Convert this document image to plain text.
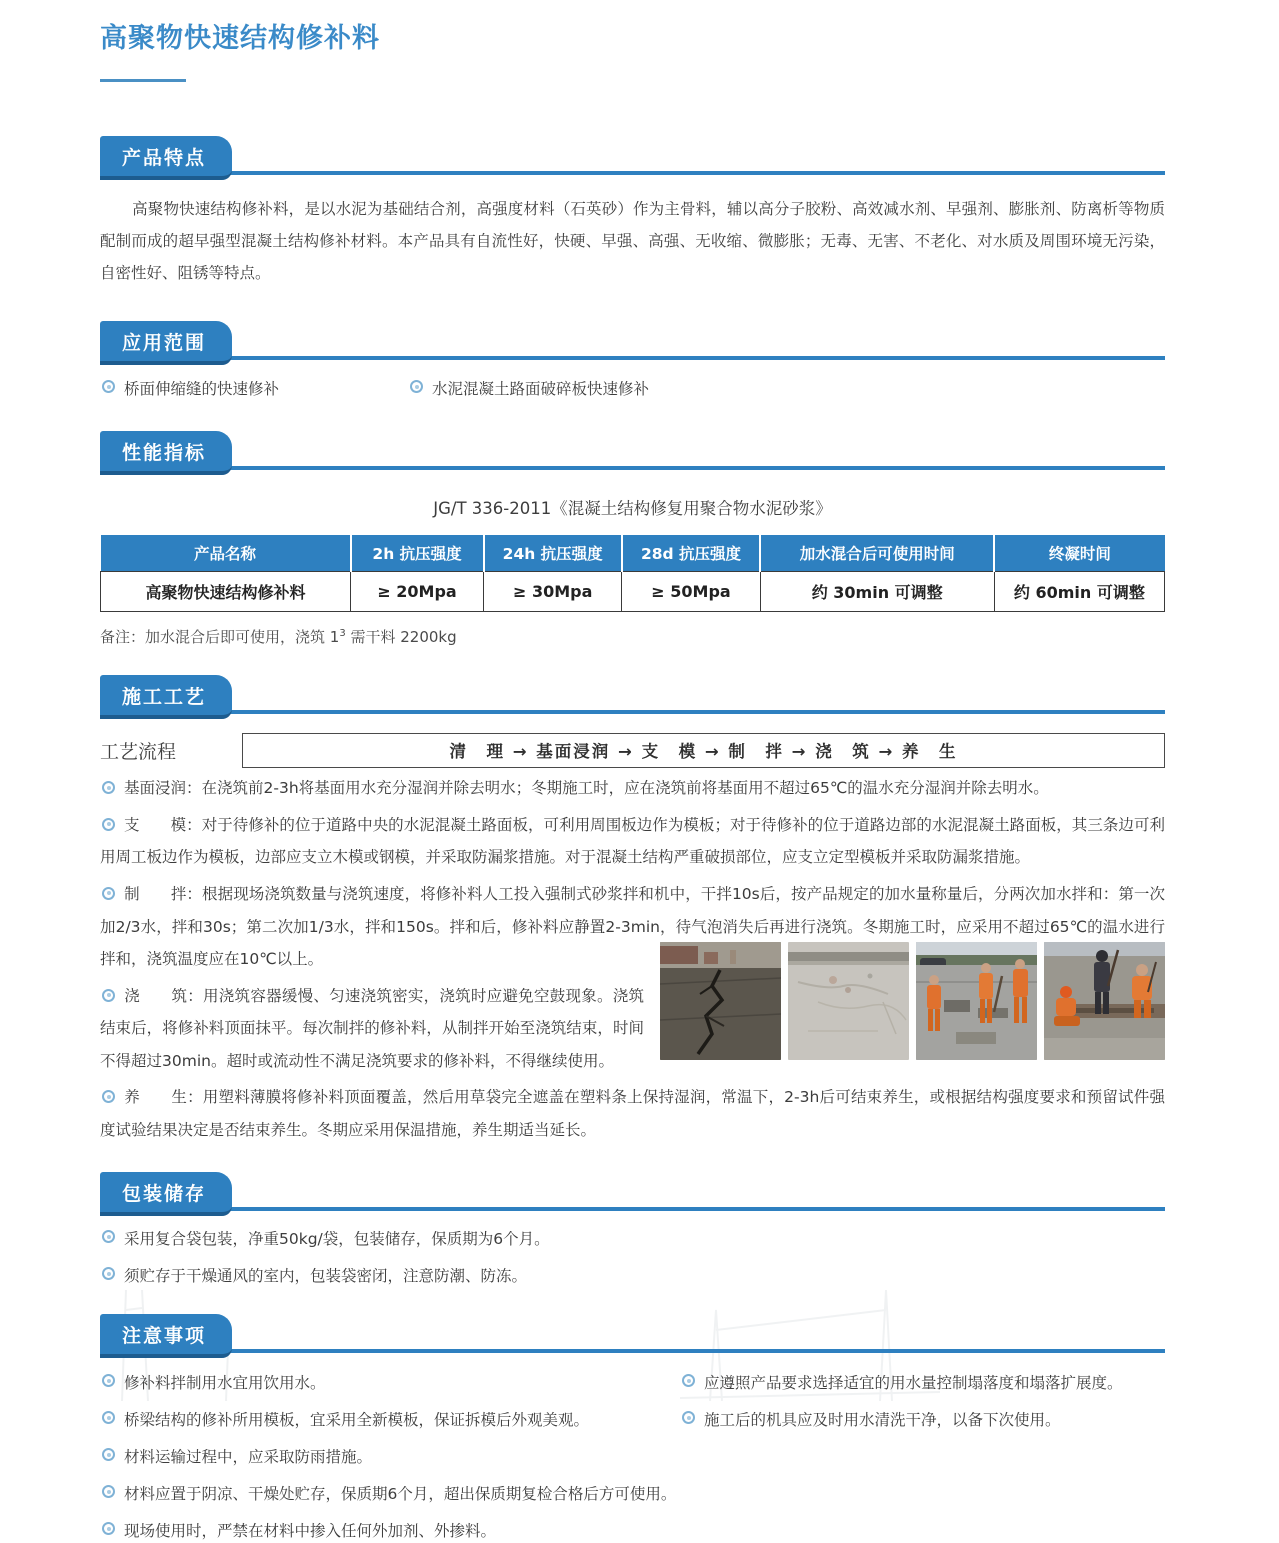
高聚物快速结构修补料
产品特点

高聚物快速结构修补料，是以水泥为基础结合剂，高强度材料（石英砂）作为主骨料，辅以高分子胶粉、高效减水剂、早强剂、膨胀剂、防离析等物质配制而成的超早强型混凝土结构修补材料。本产品具有自流性好，快硬、早强、高强、无收缩、微膨胀；无毒、无害、不老化、对水质及周围环境无污染，自密性好、阻锈等特点。

应用范围
桥面伸缩缝的快速修补	水泥混凝土路面破碎板快速修补
性能指标
JG/T 336-2011《混凝土结构修复用聚合物水泥砂浆》
产品名称	2h 抗压强度	24h 抗压强度	28d 抗压强度	加水混合后可使用时间	终凝时间
高聚物快速结构修补料	≥ 20Mpa	≥ 30Mpa	≥ 50Mpa	约 30min 可调整	约 60min 可调整
备注：加水混合后即可使用，浇筑 $1^3$ 需干料 2200kg
施工工艺
工艺流程	清　理 → 基面浸润 → 支　模 → 制　拌 → 浇　筑 → 养　生

基面浸润：在浇筑前2-3h将基面用水充分湿润并除去明水；冬期施工时，应在浇筑前将基面用不超过65℃的温水充分湿润并除去明水。

支　　模：对于待修补的位于道路中央的水泥混凝土路面板，可利用周围板边作为模板；对于待修补的位于道路边部的水泥混凝土路面板，其三条边可利用周工板边作为模板，边部应支立木模或钢模，并采取防漏浆措施。对于混凝土结构严重破损部位，应支立定型模板并采取防漏浆措施。

制　　拌：根据现场浇筑数量与浇筑速度，将修补料人工投入强制式砂浆拌和机中，干拌10s后，按产品规定的加水量称量后，分两次加水拌和：第一次加2/3水，拌和30s；第二次加1/3水，拌和150s。拌和后，修补料应静置2-3min，待气泡消失后再进行浇筑。冬期施工时，应采用不超过65℃的温水进行拌和，浇筑温度应在10℃以上。

浇　　筑：用浇筑容器缓慢、匀速浇筑密实，浇筑时应避免空鼓现象。浇筑结束后，将修补料顶面抹平。每次制拌的修补料，从制拌开始至浇筑结束，时间不得超过30min。超时或流动性不满足浇筑要求的修补料，不得继续使用。

养　　生：用塑料薄膜将修补料顶面覆盖，然后用草袋完全遮盖在塑料条上保持湿润，常温下，2-3h后可结束养生，或根据结构强度要求和预留试件强度试验结果决定是否结束养生。冬期应采用保温措施，养生期适当延长。

包装储存
采用复合袋包装，净重50kg/袋，包装储存，保质期为6个月。
须贮存于干燥通风的室内，包装袋密闭，注意防潮、防冻。
注意事项
修补料拌制用水宜用饮用水。
桥梁结构的修补所用模板，宜采用全新模板，保证拆模后外观美观。
材料运输过程中，应采取防雨措施。
应遵照产品要求选择适宜的用水量控制塌落度和塌落扩展度。
施工后的机具应及时用水清洗干净，以备下次使用。
材料应置于阴凉、干燥处贮存，保质期6个月，超出保质期复检合格后方可使用。
现场使用时，严禁在材料中掺入任何外加剂、外掺料。
